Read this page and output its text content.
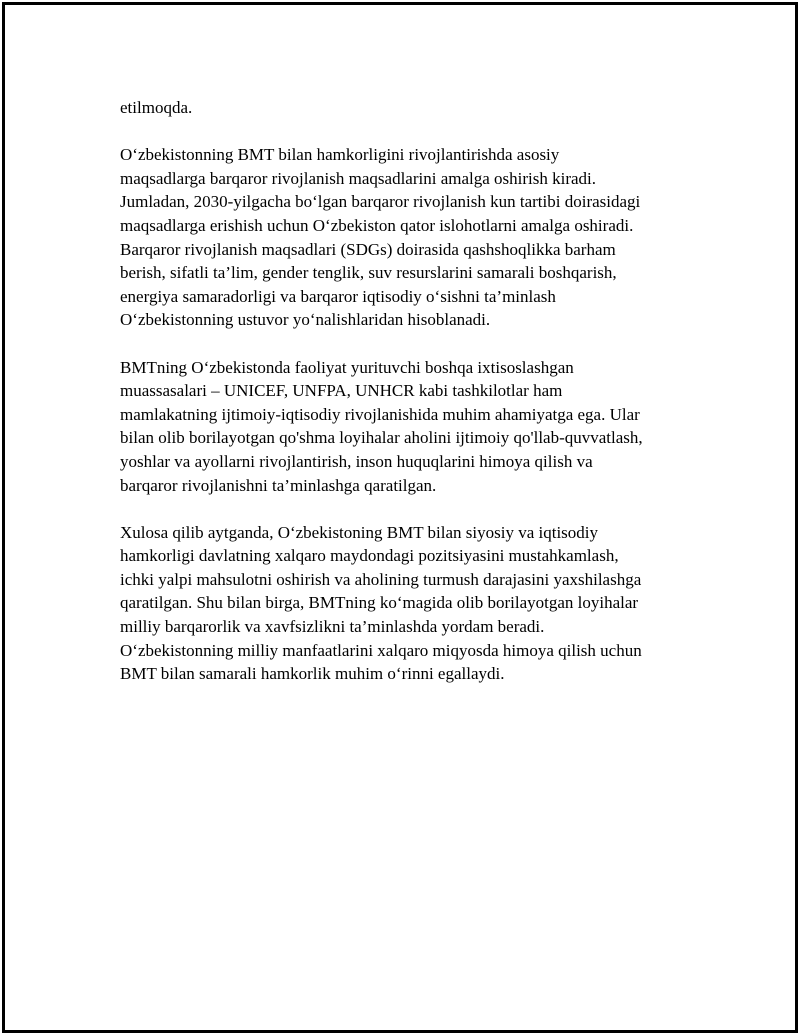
etilmoqda.

O‘zbekistonning BMT bilan hamkorligini rivojlantirishda asosiy
maqsadlarga barqaror rivojlanish maqsadlarini amalga oshirish kiradi.
Jumladan, 2030-yilgacha bo‘lgan barqaror rivojlanish kun tartibi doirasidagi
maqsadlarga erishish uchun O‘zbekiston qator islohotlarni amalga oshiradi.
Barqaror rivojlanish maqsadlari (SDGs) doirasida qashshoqlikka barham
berish, sifatli ta’lim, gender tenglik, suv resurslarini samarali boshqarish,
energiya samaradorligi va barqaror iqtisodiy o‘sishni ta’minlash
O‘zbekistonning ustuvor yo‘nalishlaridan hisoblanadi.

BMTning O‘zbekistonda faoliyat yurituvchi boshqa ixtisoslashgan
muassasalari – UNICEF, UNFPA, UNHCR kabi tashkilotlar ham
mamlakatning ijtimoiy-iqtisodiy rivojlanishida muhim ahamiyatga ega. Ular
bilan olib borilayotgan qo'shma loyihalar aholini ijtimoiy qo'llab-quvvatlash,
yoshlar va ayollarni rivojlantirish, inson huquqlarini himoya qilish va
barqaror rivojlanishni ta’minlashga qaratilgan.

Xulosa qilib aytganda, O‘zbekistoning BMT bilan siyosiy va iqtisodiy
hamkorligi davlatning xalqaro maydondagi pozitsiyasini mustahkamlash,
ichki yalpi mahsulotni oshirish va aholining turmush darajasini yaxshilashga
qaratilgan. Shu bilan birga, BMTning ko‘magida olib borilayotgan loyihalar
milliy barqarorlik va xavfsizlikni ta’minlashda yordam beradi.
O‘zbekistonning milliy manfaatlarini xalqaro miqyosda himoya qilish uchun
BMT bilan samarali hamkorlik muhim o‘rinni egallaydi.
